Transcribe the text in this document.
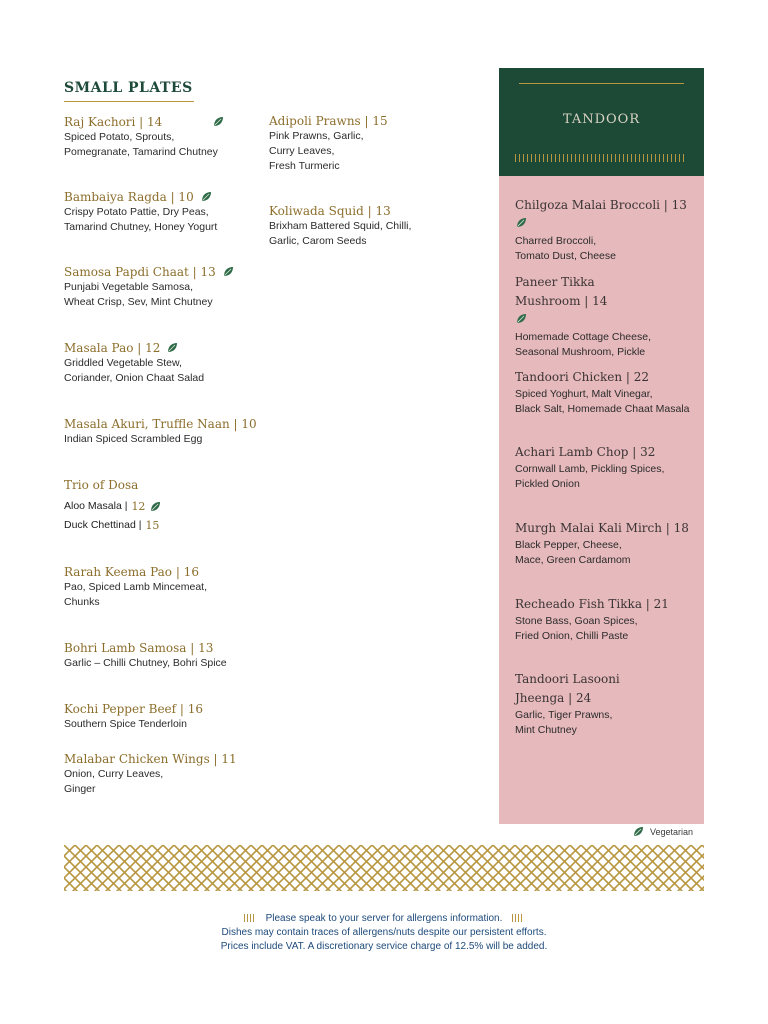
SMALL PLATES
Raj Kachori | 14
Spiced Potato, Sprouts,
Pomegranate, Tamarind Chutney
Bambaiya Ragda | 10
Crispy Potato Pattie, Dry Peas,
Tamarind Chutney, Honey Yogurt
Samosa Papdi Chaat | 13
Punjabi Vegetable Samosa,
Wheat Crisp, Sev, Mint Chutney
Masala Pao | 12
Griddled Vegetable Stew,
Coriander, Onion Chaat Salad
Masala Akuri, Truffle Naan | 10
Indian Spiced Scrambled Egg
Trio of Dosa
Aloo Masala | 12
Duck Chettinad | 15
Rarah Keema Pao | 16
Pao, Spiced Lamb Mincemeat,
Chunks
Bohri Lamb Samosa | 13
Garlic – Chilli Chutney, Bohri Spice
Kochi Pepper Beef | 16
Southern Spice Tenderloin
Malabar Chicken Wings | 11
Onion, Curry Leaves,
Ginger
Adipoli Prawns | 15
Pink Prawns, Garlic,
Curry Leaves,
Fresh Turmeric
Koliwada Squid | 13
Brixham Battered Squid, Chilli,
Garlic, Carom Seeds
TANDOOR
Chilgoza Malai Broccoli | 13

Charred Broccoli,
Tomato Dust, Cheese
Paneer Tikka
Mushroom | 14

Homemade Cottage Cheese,
Seasonal Mushroom, Pickle
Tandoori Chicken | 22
Spiced Yoghurt, Malt Vinegar,
Black Salt, Homemade Chaat Masala
Achari Lamb Chop | 32
Cornwall Lamb, Pickling Spices,
Pickled Onion
Murgh Malai Kali Mirch | 18
Black Pepper, Cheese,
Mace, Green Cardamom
Recheado Fish Tikka | 21
Stone Bass, Goan Spices,
Fried Onion, Chilli Paste
Tandoori Lasooni
Jheenga | 24
Garlic, Tiger Prawns,
Mint Chutney
Vegetarian
Please speak to your server for allergens information.
Dishes may contain traces of allergens/nuts despite our persistent efforts.
Prices include VAT. A discretionary service charge of 12.5% will be added.
